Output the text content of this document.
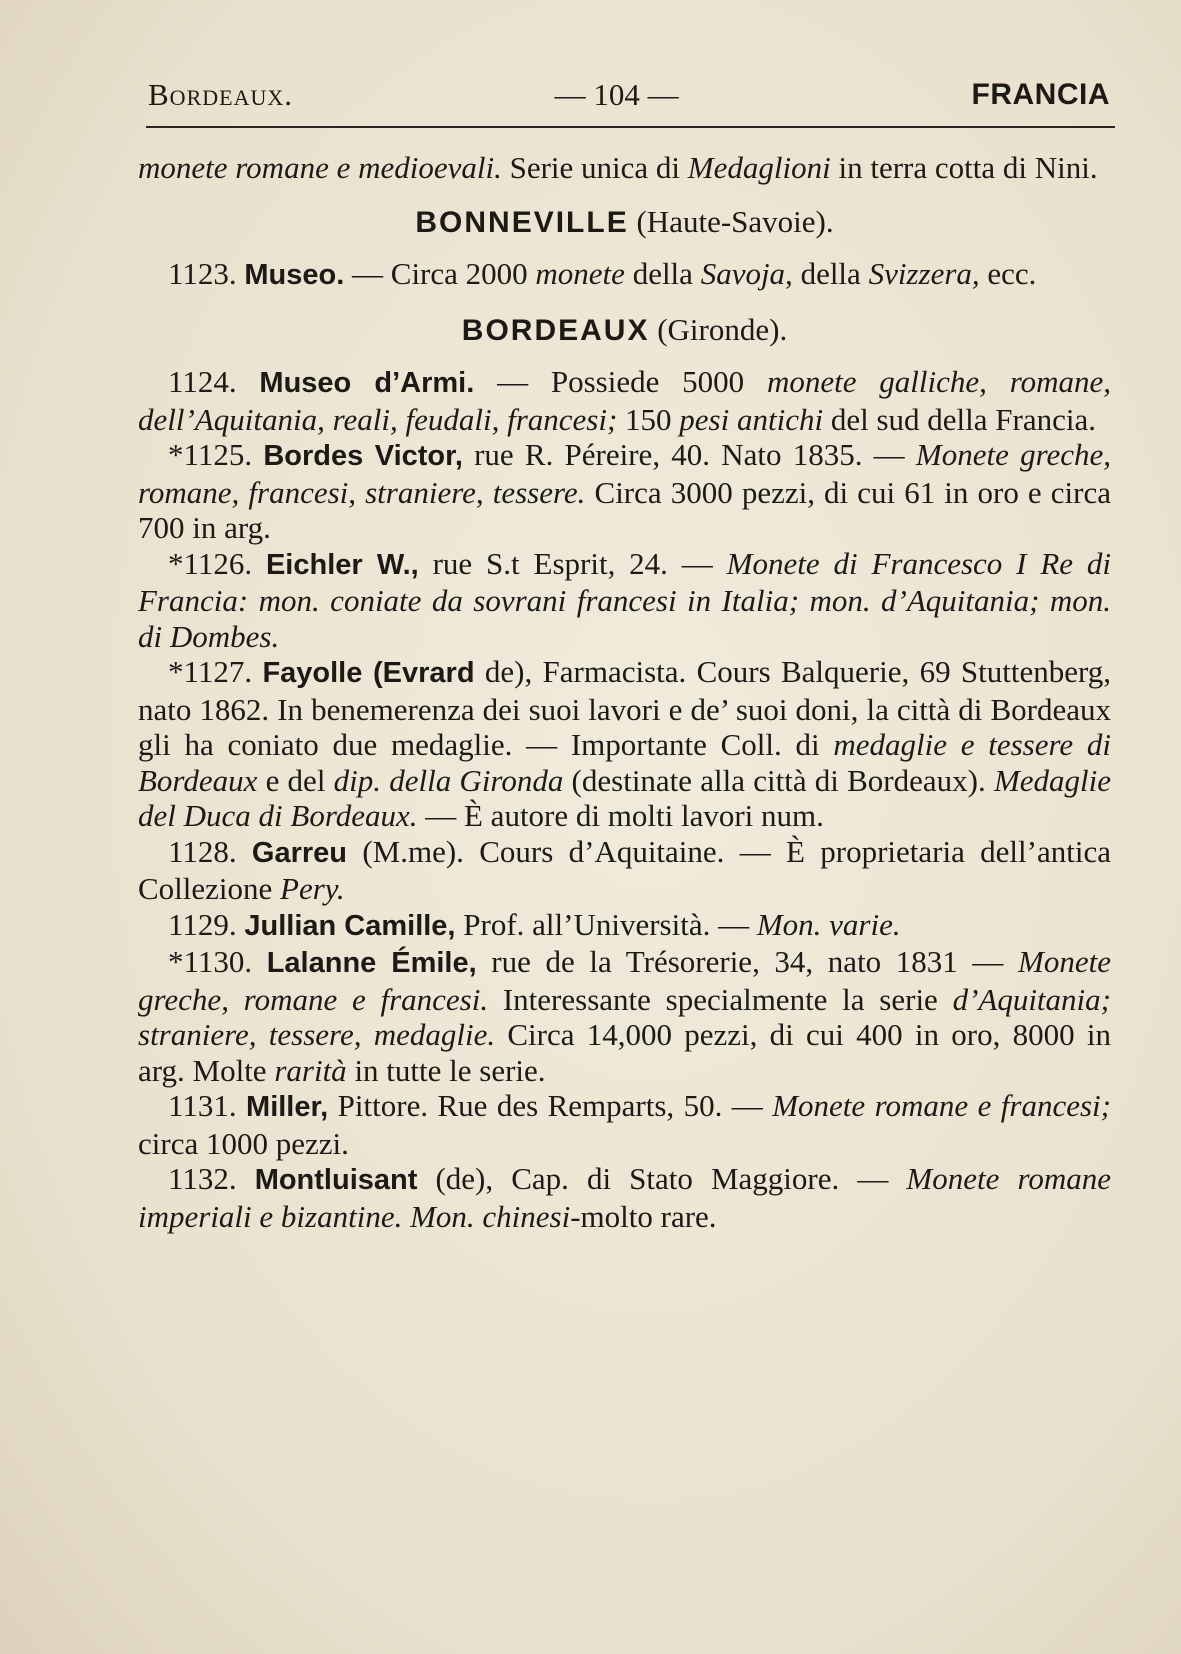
Bordeaux.	— 104 —	FRANCIA

monete romane e medioevali. Serie unica di Medaglioni in terra cotta di Nini.

BONNEVILLE (Haute-Savoie).

1123. Museo. — Circa 2000 monete della Savoja, della Svizzera, ecc.

BORDEAUX (Gironde).

1124. Museo d’Armi. — Possiede 5000 monete galliche, romane, dell’Aquitania, reali, feudali, francesi; 150 pesi antichi del sud della Francia.

*1125. Bordes Victor, rue R. Péreire, 40. Nato 1835. — Monete greche, romane, francesi, straniere, tessere. Circa 3000 pezzi, di cui 61 in oro e circa 700 in arg.

*1126. Eichler W., rue S.t Esprit, 24. — Monete di Francesco I Re di Francia: mon. coniate da sovrani francesi in Italia; mon. d’Aquitania; mon. di Dombes.

*1127. Fayolle (Evrard de), Farmacista. Cours Balquerie, 69 Stuttenberg, nato 1862. In benemerenza dei suoi lavori e de’ suoi doni, la città di Bordeaux gli ha coniato due medaglie. — Importante Coll. di medaglie e tessere di Bordeaux e del dip. della Gironda (destinate alla città di Bordeaux). Medaglie del Duca di Bordeaux. — È autore di molti lavori num.

1128. Garreu (M.me). Cours d’Aquitaine. — È proprietaria dell’antica Collezione Pery.

1129. Jullian Camille, Prof. all’Università. — Mon. varie.

*1130. Lalanne Émile, rue de la Trésorerie, 34, nato 1831 — Monete greche, romane e francesi. Interessante specialmente la serie d’Aquitania; straniere, tessere, medaglie. Circa 14,000 pezzi, di cui 400 in oro, 8000 in arg. Molte rarità in tutte le serie.

1131. Miller, Pittore. Rue des Remparts, 50. — Monete romane e francesi; circa 1000 pezzi.

1132. Montluisant (de), Cap. di Stato Maggiore. — Monete romane imperiali e bizantine. Mon. chinesi-molto rare.
